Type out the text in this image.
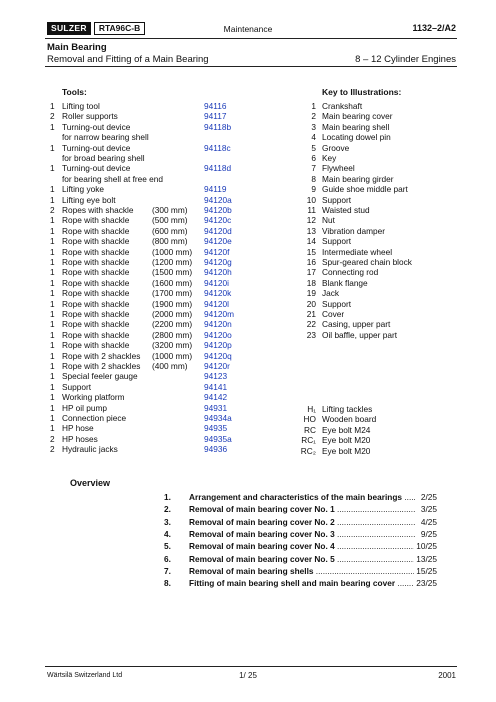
SULZER	RTA96C-B	Maintenance	1132–2/A2
Main Bearing
Removal and Fitting of a Main Bearing	8 – 12 Cylinder Engines
Tools:	Key to Illustrations:
1 Lifting tool	94116
2 Roller supports	94117
1 Turning-out device	94118b
for narrow bearing shell
1 Turning-out device	94118c
for broad bearing shell
1 Turning-out device	94118d
for bearing shell at free end
1 Lifting yoke	94119
1 Lifting eye bolt	94120a
2 Ropes with shackle (300 mm) 94120b
1 Rope with shackle	(500 mm) 94120c
1 Rope with shackle	(600 mm) 94120d
1 Rope with shackle	(800 mm) 94120e
1 Rope with shackle	(1000 mm) 94120f
1 Rope with shackle	(1200 mm) 94120g
1 Rope with shackle	(1500 mm) 94120h
1 Rope with shackle	(1600 mm) 94120i
1 Rope with shackle	(1700 mm) 94120k
1 Rope with shackle	(1900 mm) 94120l
1 Rope with shackle	(2000 mm) 94120m
1 Rope with shackle	(2200 mm) 94120n
1 Rope with shackle	(2800 mm) 94120o
1 Rope with shackle	(3200 mm) 94120p
1 Rope with 2 shackles (1000 mm) 94120q
1 Rope with 2 shackles (400 mm) 94120r
1 Special feeler gauge	94123
1 Support	94141
1 Working platform	94142
1 HP oil pump	94931
1 Connection piece	94934a
1 HP hose	94935
2 HP hoses	94935a
2 Hydraulic jacks	94936
1 Crankshaft
2 Main bearing cover
3 Main bearing shell
4 Locating dowel pin
5 Groove
6 Key
7 Flywheel
8 Main bearing girder
9 Guide shoe middle part
10 Support
11 Waisted stud
12 Nut
13 Vibration damper
14 Support
15 Intermediate wheel
16 Spur-geared chain block
17 Connecting rod
18 Blank flange
19 Jack
20 Support
21 Cover
22 Casing, upper part
23 Oil baffle, upper part
H₁ Lifting tackles
HO Wooden board
RC Eye bolt M24
RC₁ Eye bolt M20
RC₂ Eye bolt M20
Overview
1. Arrangement and characteristics of the main bearings .....	2/25
2. Removal of main bearing cover No. 1 .....	3/25
3. Removal of main bearing cover No. 2 .....	4/25
4. Removal of main bearing cover No. 3 .....	9/25
5. Removal of main bearing cover No. 4 .....	10/25
6. Removal of main bearing cover No. 5 .....	13/25
7. Removal of main bearing shells .....	15/25
8. Fitting of main bearing shell and main bearing cover .....	23/25
Wärtsilä Switzerland Ltd	1/ 25	2001
